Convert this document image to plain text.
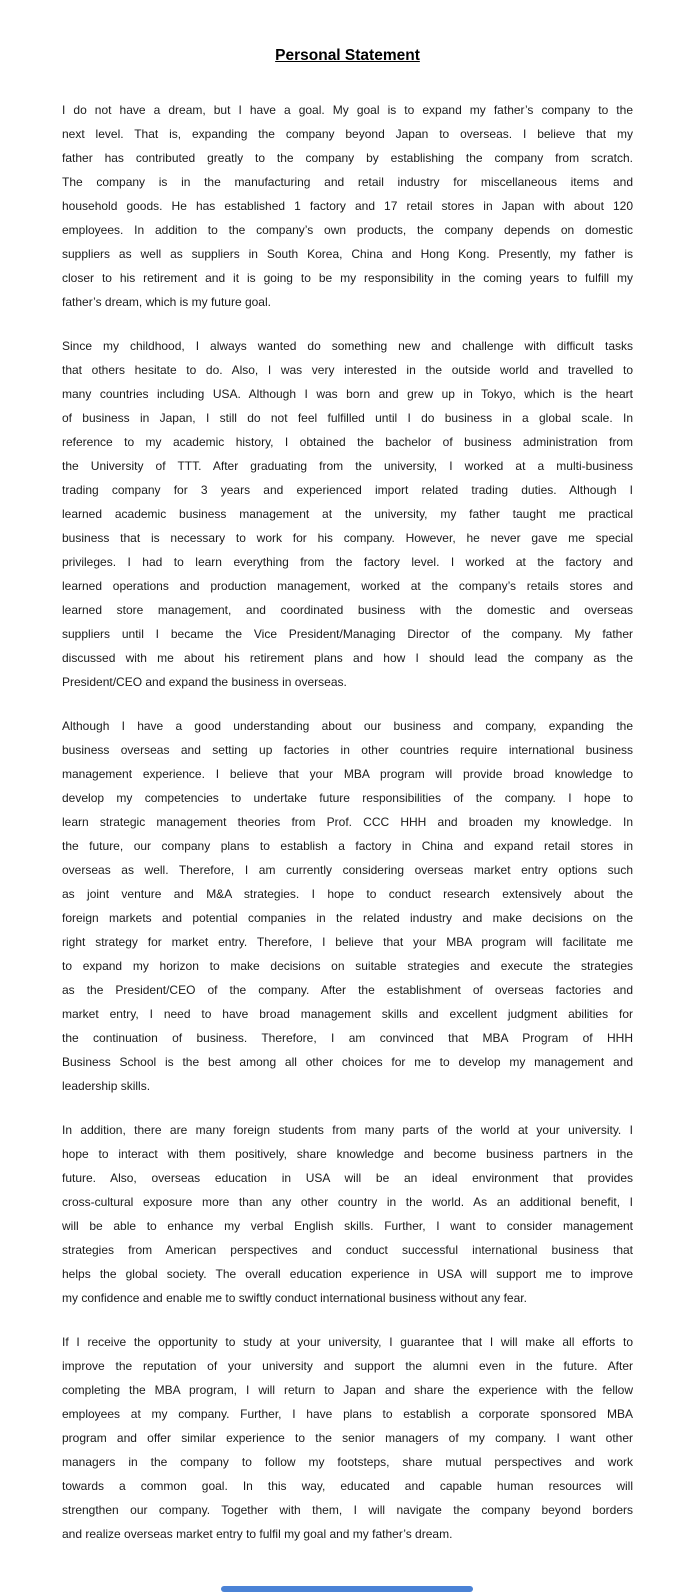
Personal Statement
I do not have a dream, but I have a goal. My goal is to expand my father’s company to the
next level. That is, expanding the company beyond Japan to overseas. I believe that my
father has contributed greatly to the company by establishing the company from scratch.
The company is in the manufacturing and retail industry for miscellaneous items and
household goods. He has established 1 factory and 17 retail stores in Japan with about 120
employees. In addition to the company’s own products, the company depends on domestic
suppliers as well as suppliers in South Korea, China and Hong Kong. Presently, my father is
closer to his retirement and it is going to be my responsibility in the coming years to fulfill my
father’s dream, which is my future goal.
Since my childhood, I always wanted do something new and challenge with difficult tasks
that others hesitate to do. Also, I was very interested in the outside world and travelled to
many countries including USA. Although I was born and grew up in Tokyo, which is the heart
of business in Japan, I still do not feel fulfilled until I do business in a global scale. In
reference to my academic history, I obtained the bachelor of business administration from
the University of TTT. After graduating from the university, I worked at a multi-business
trading company for 3 years and experienced import related trading duties. Although I
learned academic business management at the university, my father taught me practical
business that is necessary to work for his company. However, he never gave me special
privileges. I had to learn everything from the factory level. I worked at the factory and
learned operations and production management, worked at the company’s retails stores and
learned store management, and coordinated business with the domestic and overseas
suppliers until I became the Vice President/Managing Director of the company. My father
discussed with me about his retirement plans and how I should lead the company as the
President/CEO and expand the business in overseas.
Although I have a good understanding about our business and company, expanding the
business overseas and setting up factories in other countries require international business
management experience. I believe that your MBA program will provide broad knowledge to
develop my competencies to undertake future responsibilities of the company. I hope to
learn strategic management theories from Prof. CCC HHH and broaden my knowledge. In
the future, our company plans to establish a factory in China and expand retail stores in
overseas as well. Therefore, I am currently considering overseas market entry options such
as joint venture and M&A strategies. I hope to conduct research extensively about the
foreign markets and potential companies in the related industry and make decisions on the
right strategy for market entry. Therefore, I believe that your MBA program will facilitate me
to expand my horizon to make decisions on suitable strategies and execute the strategies
as the President/CEO of the company. After the establishment of overseas factories and
market entry, I need to have broad management skills and excellent judgment abilities for
the continuation of business. Therefore, I am convinced that MBA Program of HHH
Business School is the best among all other choices for me to develop my management and
leadership skills.
In addition, there are many foreign students from many parts of the world at your university. I
hope to interact with them positively, share knowledge and become business partners in the
future. Also, overseas education in USA will be an ideal environment that provides
cross-cultural exposure more than any other country in the world. As an additional benefit, I
will be able to enhance my verbal English skills. Further, I want to consider management
strategies from American perspectives and conduct successful international business that
helps the global society. The overall education experience in USA will support me to improve
my confidence and enable me to swiftly conduct international business without any fear.
If I receive the opportunity to study at your university, I guarantee that I will make all efforts to
improve the reputation of your university and support the alumni even in the future. After
completing the MBA program, I will return to Japan and share the experience with the fellow
employees at my company. Further, I have plans to establish a corporate sponsored MBA
program and offer similar experience to the senior managers of my company. I want other
managers in the company to follow my footsteps, share mutual perspectives and work
towards a common goal. In this way, educated and capable human resources will
strengthen our company. Together with them, I will navigate the company beyond borders
and realize overseas market entry to fulfil my goal and my father’s dream.
